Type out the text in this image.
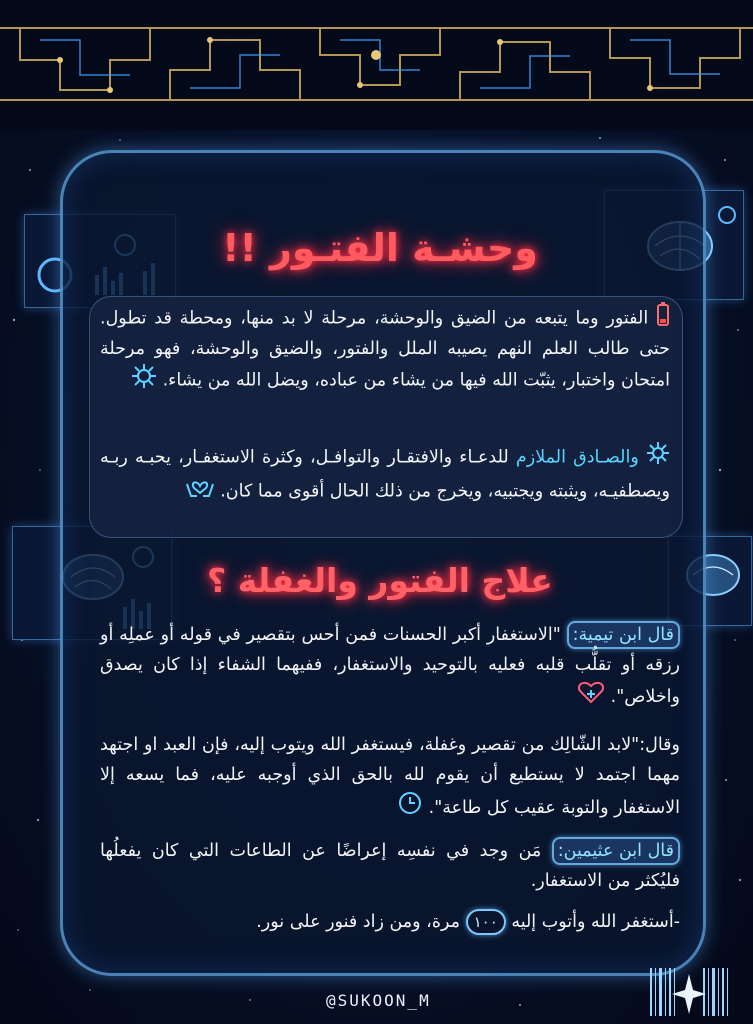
وحشـة الفتـور !!
الفتور وما يتبعه من الضيق والوحشة، مرحلة لا بد منها، ومحطة قد تطول. حتى طالب العلم النهم يصيبه الملل والفتور، والضيق والوحشة، فهو مرحلة امتحان واختبار، يثبّت الله فيها من يشاء من عباده، ويضل الله من يشاء.
والصـادق الملازم للدعـاء والافتقـار والتوافـل، وكثرة الاستغفـار، يحبـه ربـه ويصطفيـه، ويثبته ويجتبيه، ويخرج من ذلك الحال أقوى مما كان.
علاج الفتور والغفلة ؟
قال ابن تيمية: "الاستغفار أكبر الحسنات فمن أحس بتقصير في قوله أو عملِه أو رزقه أو تقلُّب قلبه فعليه بالتوحيد والاستغفار، ففيهما الشفاء إذا كان يصدق واخلاص".
وقال:"لابد الشّالِك من تقصير وغفلة، فيستغفر الله ويتوب إليه، فإن العبد او اجتهد مهما اجتمد لا يستطيع أن يقوم لله بالحق الذي أوجبه عليه، فما يسعه إلا الاستغفار والتوبة عقيب كل طاعة".
قال ابن عثيمين: مَن وجد في نفسِه إعراضًا عن الطاعات التي كان يفعلُها فليُكثر من الاستغفار.
-أستغفر الله وأتوب إليه ١٠٠ مرة، ومن زاد فنور على نور.
@SUKOON_M
